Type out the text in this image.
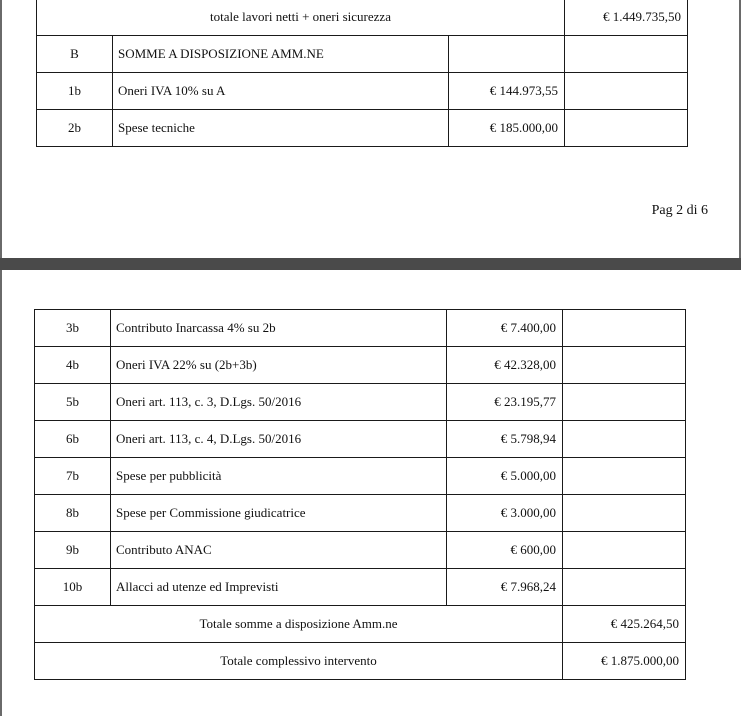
totale lavori netti + oneri sicurezza			€ 1.449.735,50
B	SOMME A DISPOSIZIONE AMM.NE		
1b	Oneri IVA 10% su A	€ 144.973,55	
2b	Spese tecniche	€ 185.000,00	
Pag 2 di 6
3b	Contributo Inarcassa 4% su 2b	€ 7.400,00	
4b	Oneri IVA 22% su (2b+3b)	€ 42.328,00	
5b	Oneri art. 113, c. 3, D.Lgs. 50/2016	€ 23.195,77	
6b	Oneri art. 113, c. 4, D.Lgs. 50/2016	€ 5.798,94	
7b	Spese per pubblicità	€ 5.000,00	
8b	Spese per Commissione giudicatrice	€ 3.000,00	
9b	Contributo ANAC	€ 600,00	
10b	Allacci ad utenze ed Imprevisti	€ 7.968,24	
Totale somme a disposizione Amm.ne			€ 425.264,50
Totale complessivo intervento			€ 1.875.000,00
